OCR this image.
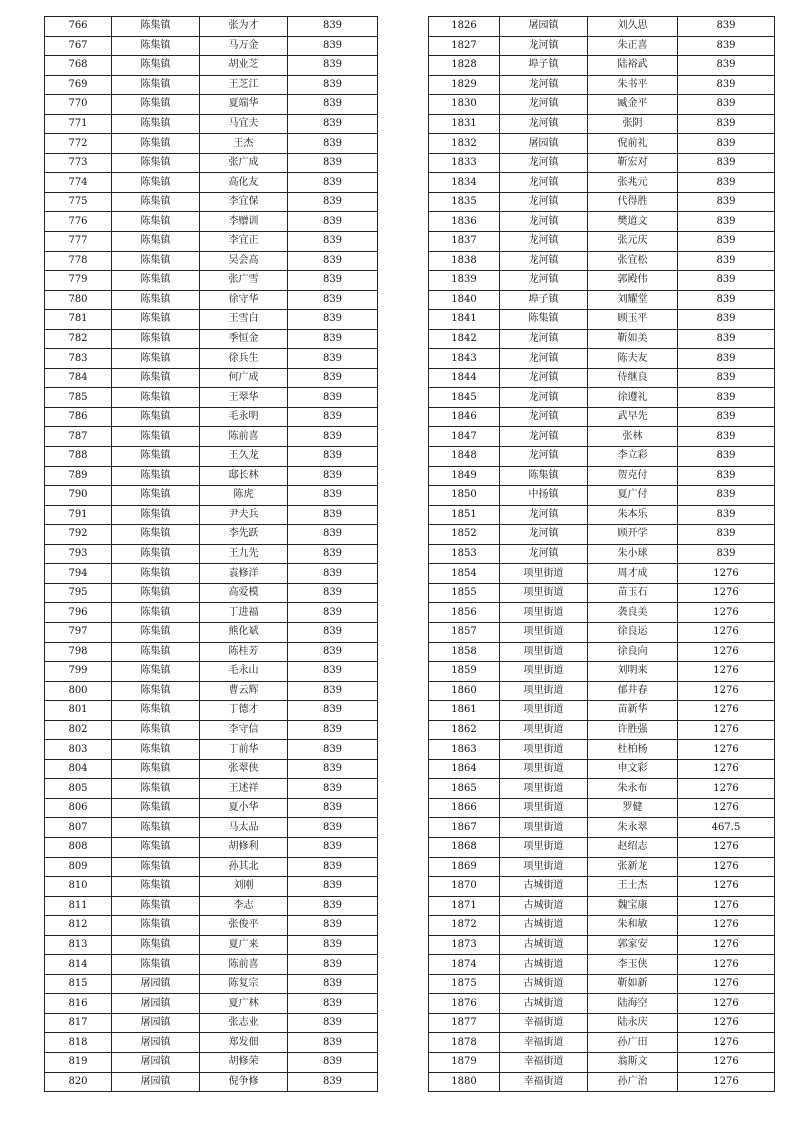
766	陈集镇	张为才	839
767	陈集镇	马万金	839
768	陈集镇	胡业芝	839
769	陈集镇	王芝江	839
770	陈集镇	夏端华	839
771	陈集镇	马宜夫	839
772	陈集镇	王杰	839
773	陈集镇	张广成	839
774	陈集镇	高化友	839
775	陈集镇	李宜保	839
776	陈集镇	李赠训	839
777	陈集镇	李宜正	839
778	陈集镇	吴会高	839
779	陈集镇	张广雪	839
780	陈集镇	徐守华	839
781	陈集镇	王雪白	839
782	陈集镇	季恒金	839
783	陈集镇	徐兵生	839
784	陈集镇	何广成	839
785	陈集镇	王翠华	839
786	陈集镇	毛永明	839
787	陈集镇	陈前喜	839
788	陈集镇	王久龙	839
789	陈集镇	邸长林	839
790	陈集镇	陈虎	839
791	陈集镇	尹夫兵	839
792	陈集镇	李先跃	839
793	陈集镇	王九先	839
794	陈集镇	袁修洋	839
795	陈集镇	高爱模	839
796	陈集镇	丁进福	839
797	陈集镇	熊化斌	839
798	陈集镇	陈桂芳	839
799	陈集镇	毛永山	839
800	陈集镇	曹云辉	839
801	陈集镇	丁德才	839
802	陈集镇	李守信	839
803	陈集镇	丁前华	839
804	陈集镇	张翠侠	839
805	陈集镇	王述祥	839
806	陈集镇	夏小华	839
807	陈集镇	马太品	839
808	陈集镇	胡修利	839
809	陈集镇	孙其北	839
810	陈集镇	刘刚	839
811	陈集镇	李志	839
812	陈集镇	张俊平	839
813	陈集镇	夏广来	839
814	陈集镇	陈前喜	839
815	屠园镇	陈复宗	839
816	屠园镇	夏广林	839
817	屠园镇	张志业	839
818	屠园镇	郑发佃	839
819	屠园镇	胡修荣	839
820	屠园镇	倪争修	839
1826	屠园镇	刘久思	839
1827	龙河镇	朱正喜	839
1828	埠子镇	陆裕武	839
1829	龙河镇	朱书平	839
1830	龙河镇	臧金平	839
1831	龙河镇	张阴	839
1832	屠园镇	倪前礼	839
1833	龙河镇	靳宏对	839
1834	龙河镇	张兆元	839
1835	龙河镇	代得胜	839
1836	龙河镇	樊道文	839
1837	龙河镇	张元庆	839
1838	龙河镇	张宜松	839
1839	龙河镇	郭殿伟	839
1840	埠子镇	刘耀堂	839
1841	陈集镇	顾玉平	839
1842	龙河镇	靳如美	839
1843	龙河镇	陈夫友	839
1844	龙河镇	侍继良	839
1845	龙河镇	徐遵礼	839
1846	龙河镇	武早先	839
1847	龙河镇	张林	839
1848	龙河镇	李立彩	839
1849	陈集镇	贺克付	839
1850	中扬镇	夏广付	839
1851	龙河镇	朱本乐	839
1852	龙河镇	顾开学	839
1853	龙河镇	朱小球	839
1854	项里街道	周才成	1276
1855	项里街道	苗玉石	1276
1856	项里街道	袭良美	1276
1857	项里街道	徐良运	1276
1858	项里街道	徐良向	1276
1859	项里街道	刘明来	1276
1860	项里街道	郁井春	1276
1861	项里街道	苗新华	1276
1862	项里街道	许胜强	1276
1863	项里街道	杜柏杨	1276
1864	项里街道	申文彩	1276
1865	项里街道	朱永布	1276
1866	项里街道	罗健	1276
1867	项里街道	朱永翠	467.5
1868	项里街道	赵绍志	1276
1869	项里街道	张新龙	1276
1870	古城街道	王士杰	1276
1871	古城街道	魏宝康	1276
1872	古城街道	朱和敏	1276
1873	古城街道	郭家安	1276
1874	古城街道	李玉侠	1276
1875	古城街道	靳如新	1276
1876	古城街道	陆海空	1276
1877	幸福街道	陆永庆	1276
1878	幸福街道	孙广田	1276
1879	幸福街道	翁斯文	1276
1880	幸福街道	孙广治	1276
